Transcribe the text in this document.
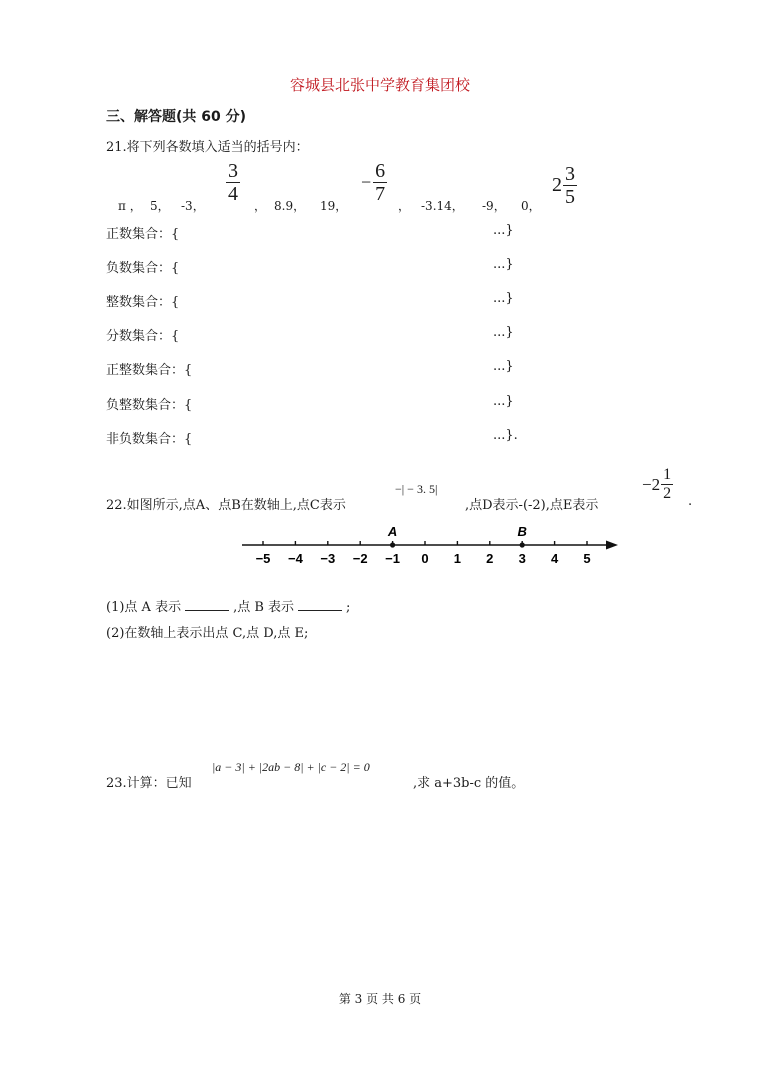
容城县北张中学教育集团校
三、解答题(共 60 分)
21.将下列各数填入适当的括号内：
π ， 5， -3，
3
4
， 8.9， 19，
− $\frac{6}{7}$
， -3.14， -9， 0，
$2 \frac{3}{5}$
正数集合：{	...}
负数集合：{	...}
整数集合：{	...}
分数集合：{	...}
正整数集合：{	...}
负整数集合：{	...}
非负数集合：{	...}.
22.如图所示,点A、点B在数轴上,点C表示
−| − 3. 5|
,点D表示-(-2),点E表示
$-2 \frac{1}{2}$ .
−5 −4 −3 −2 −1 0 1 2 3 4 5
A	B
(1)点 A 表示	,点 B 表示	;
(2)在数轴上表示出点 C,点 D,点 E;
23.计算：已知
|a − 3| + |2ab − 8| + |c − 2| = 0
,求 a+3b-c 的值。
第 3 页 共 6 页
